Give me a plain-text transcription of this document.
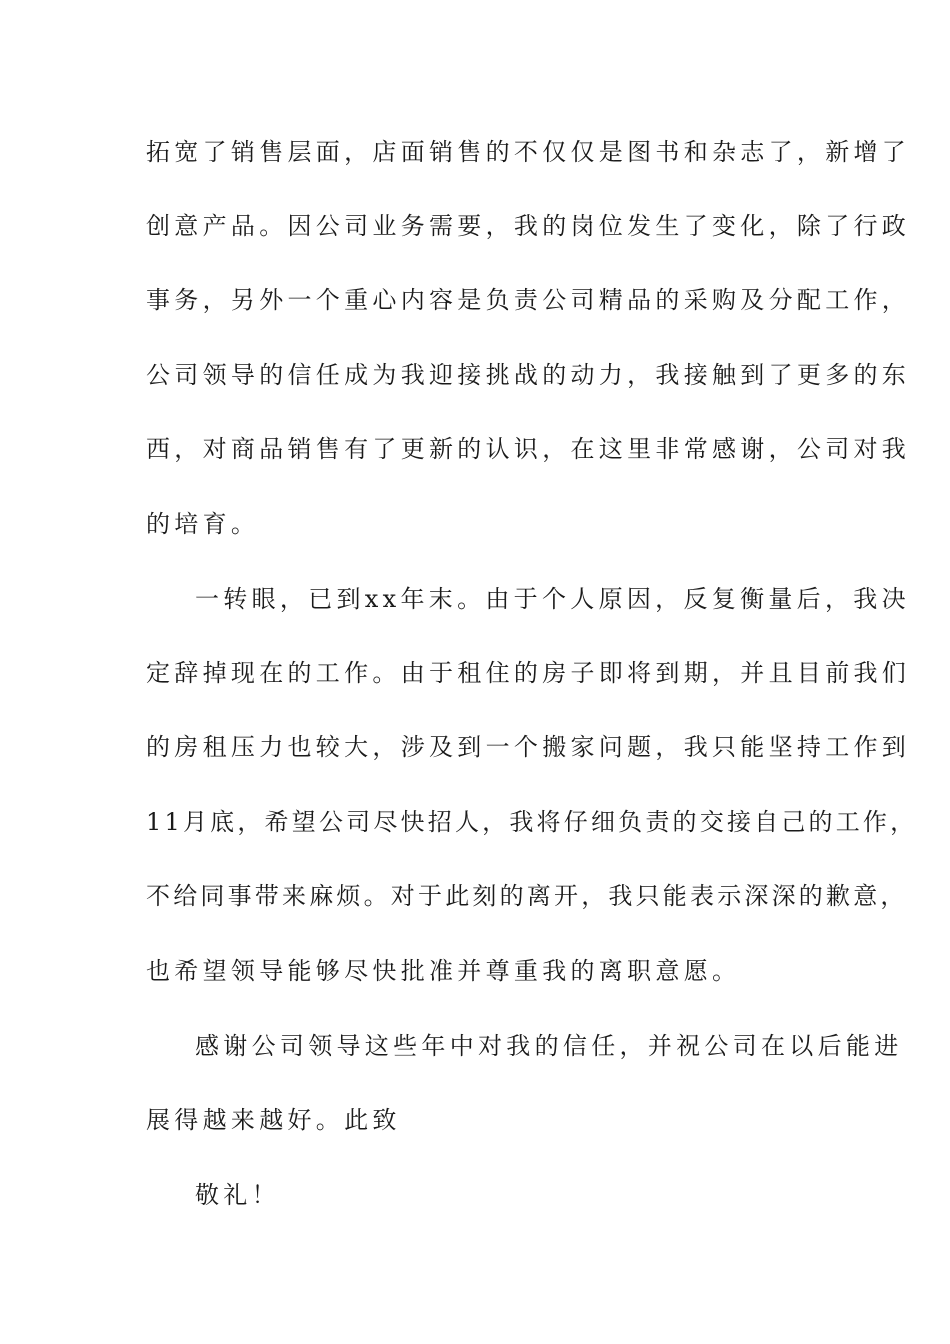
拓宽了销售层面，店面销售的不仅仅是图书和杂志了，新增了
创意产品。因公司业务需要，我的岗位发生了变化，除了行政
事务，另外一个重心内容是负责公司精品的采购及分配工作，
公司领导的信任成为我迎接挑战的动力，我接触到了更多的东
西，对商品销售有了更新的认识，在这里非常感谢，公司对我
的培育。
一转眼，已到xx年末。由于个人原因，反复衡量后，我决
定辞掉现在的工作。由于租住的房子即将到期，并且目前我们
的房租压力也较大，涉及到一个搬家问题，我只能坚持工作到
11月底，希望公司尽快招人，我将仔细负责的交接自己的工作，
不给同事带来麻烦。对于此刻的离开，我只能表示深深的歉意，
也希望领导能够尽快批准并尊重我的离职意愿。
感谢公司领导这些年中对我的信任，并祝公司在以后能进
展得越来越好。此致
敬礼！
